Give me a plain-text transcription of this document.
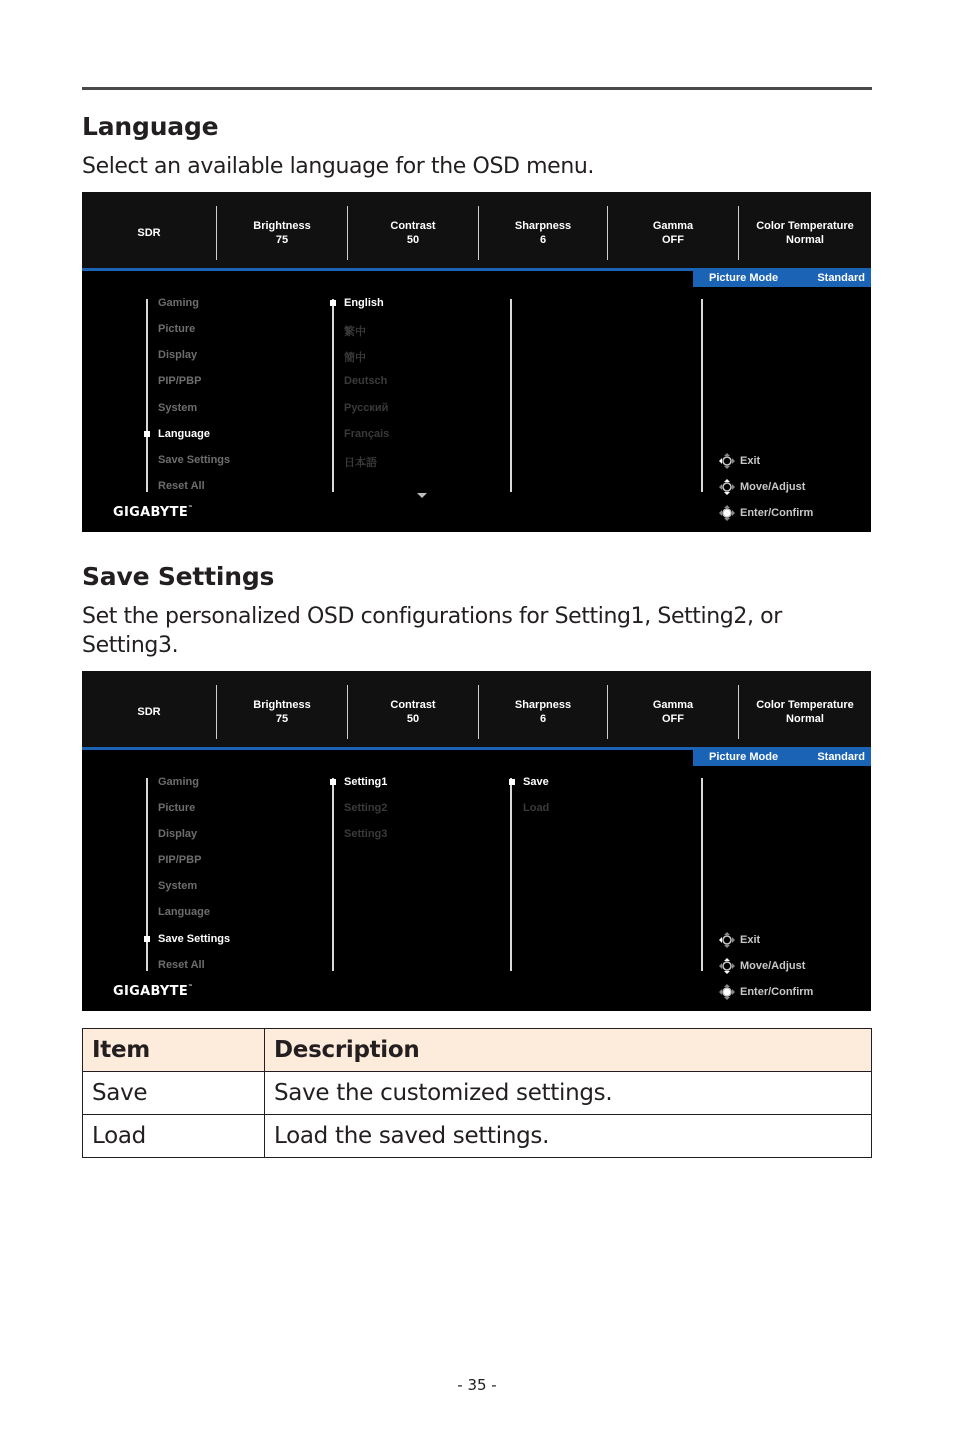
Language

Select an available language for the OSD menu.

SDR
Brightness
75
Contrast
50
Sharpness
6
Gamma
OFF
Color Temperature
Normal
Picture Mode	Standard
Gaming
Picture
Display
PIP/PBP
System
Language
Save Settings
Reset All
English
繁中
簡中
Deutsch
Русский
Français
日本語
GIGABYTE™
Exit
Move/Adjust
Enter/Confirm
Save Settings

Set the personalized OSD configurations for Setting1, Setting2, or Setting3.

SDR
Brightness
75
Contrast
50
Sharpness
6
Gamma
OFF
Color Temperature
Normal
Picture Mode	Standard
Gaming
Picture
Display
PIP/PBP
System
Language
Save Settings
Reset All
Setting1
Setting2
Setting3
Save
Load
GIGABYTE™
Exit
Move/Adjust
Enter/Confirm
Item	Description
Save	Save the customized settings.
Load	Load the saved settings.
- 35 -
